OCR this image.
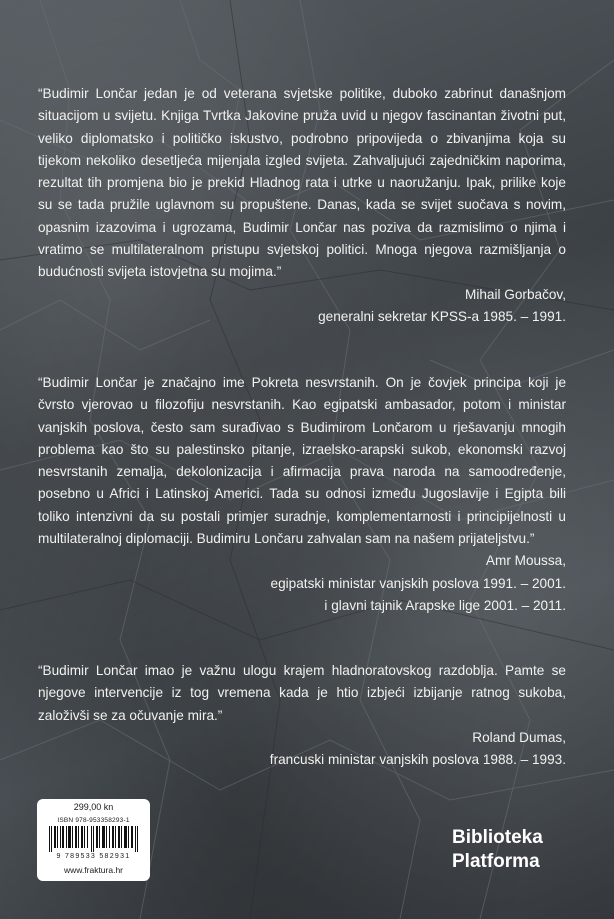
“Budimir Lončar jedan je od veterana svjetske politike, duboko zabrinut današnjom situacijom u svijetu. Knjiga Tvrtka Jakovine pruža uvid u njegov fascinantan životni put, veliko diplomatsko i političko iskustvo, podrobno pripovijeda o zbivanjima koja su tijekom nekoliko desetljeća mijenjala izgled svijeta. Zahvaljujući zajedničkim naporima, rezultat tih promjena bio je prekid Hladnog rata i utrke u naoružanju. Ipak, prilike koje su se tada pružile uglavnom su propuštene. Danas, kada se svijet suočava s novim, opasnim izazovima i ugrozama, Budimir Lončar nas poziva da razmislimo o njima i vratimo se multilateralnom pristupu svjetskoj politici. Mnoga njegova razmišljanja o budućnosti svijeta istovjetna su mojima.”

Mihail Gorbačov,

generalni sekretar KPSS-a 1985. – 1991.

“Budimir Lončar je značajno ime Pokreta nesvrstanih. On je čovjek principa koji je čvrsto vjerovao u filozofiju nesvrstanih. Kao egipatski ambasador, potom i ministar vanjskih poslova, često sam surađivao s Budimirom Lončarom u rješavanju mnogih problema kao što su palestinsko pitanje, izraelsko-arapski sukob, ekonomski razvoj nesvrstanih zemalja, dekolonizacija i afirmacija prava naroda na samoodređenje, posebno u Africi i Latinskoj Americi. Tada su odnosi između Jugoslavije i Egipta bili toliko intenzivni da su postali primjer suradnje, komplementarnosti i principijelnosti u multilateralnoj diplomaciji. Budimiru Lončaru zahvalan sam na našem prijateljstvu.”

Amr Moussa,

egipatski ministar vanjskih poslova 1991. – 2001.

i glavni tajnik Arapske lige 2001. – 2011.

“Budimir Lončar imao je važnu ulogu krajem hladnoratovskog razdoblja. Pamte se njegove intervencije iz tog vremena kada je htio izbjeći izbijanje ratnog sukoba, založivši se za očuvanje mira.”

Roland Dumas,

francuski ministar vanjskih poslova 1988. – 1993.

299,00 kn
ISBN 978-953358293-1
9 789533 582931
www.fraktura.hr
Biblioteka
Platforma
